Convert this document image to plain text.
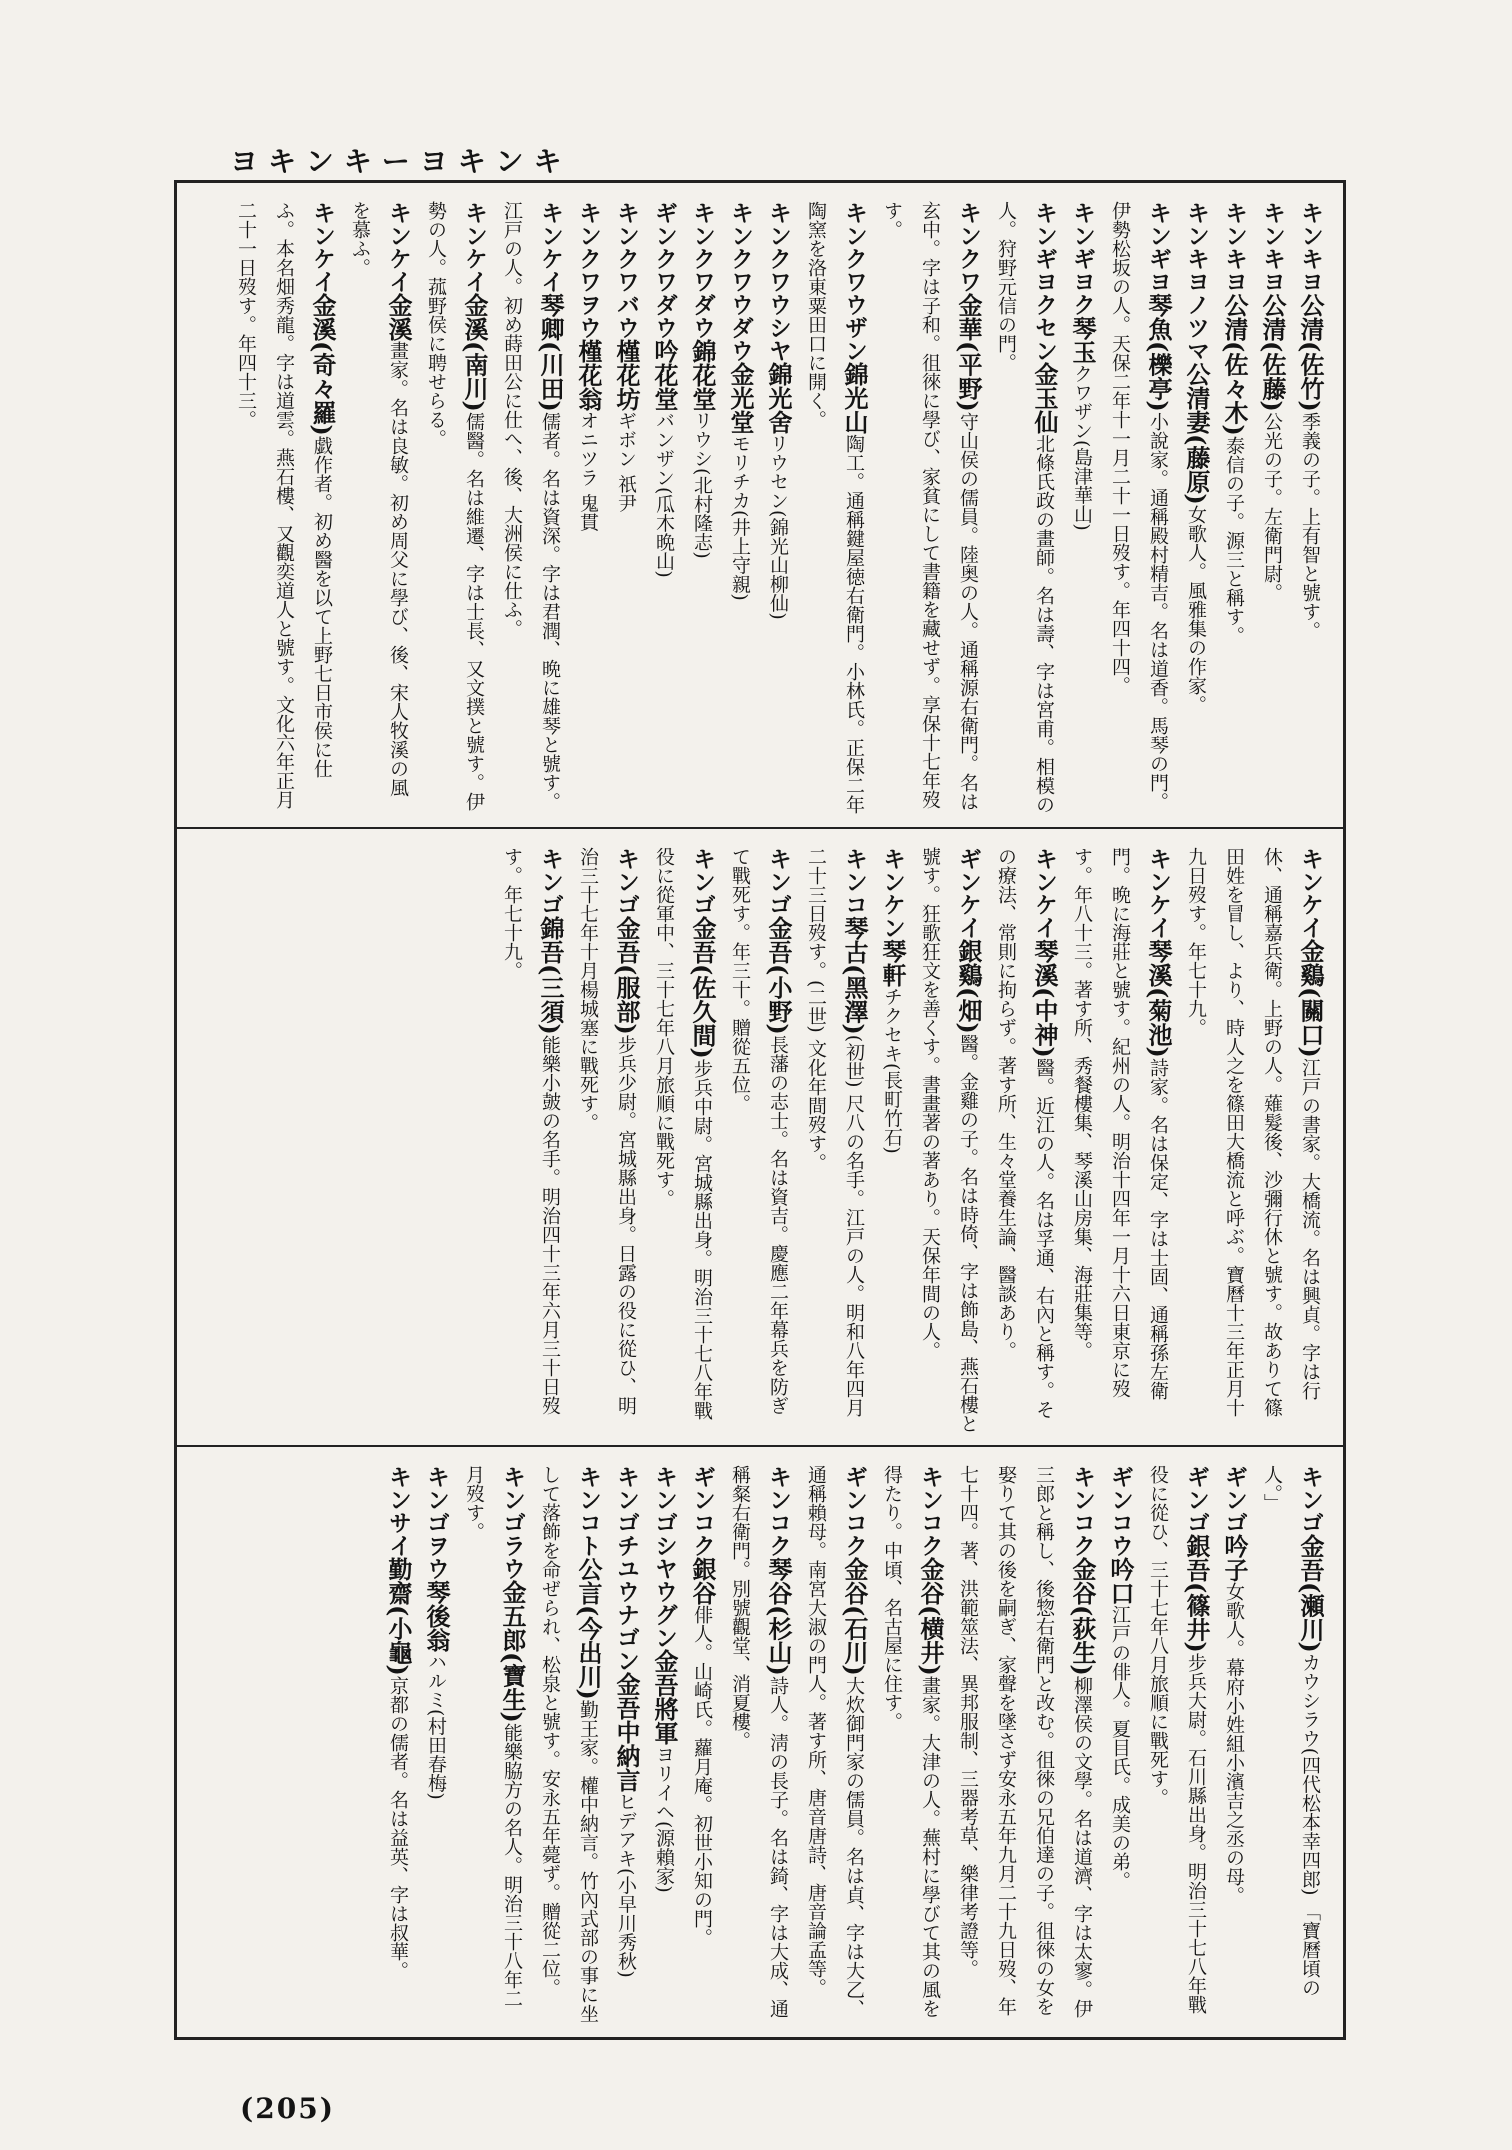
ヨキンキーヨキンキ

キンキヨ公清(佐竹)季義の子。上有智と號す。

キンキヨ公清(佐藤)公光の子。左衛門尉。

キンキヨ公清(佐々木)泰信の子。源三と稱す。

キンキヨノツマ公清妻(藤原)女歌人。風雅集の作家。

キンギヨ琴魚(櫟亭)小說家。通稱殿村精吉。名は道香。馬琴の門。伊勢松坂の人。天保二年十一月二十一日歿す。年四十四。

キンギヨク琴玉クワザン(島津華山)

キンギヨクセン金玉仙北條氏政の畫師。名は壽、字は宮甫。相模の人。狩野元信の門。

キンクワ金華(平野)守山侯の儒員。陸奥の人。通稱源右衛門。名は玄中。字は子和。徂徠に學び、家貧にして書籍を藏せず。享保十七年歿す。

キンクワウザン錦光山陶工。通稱鍵屋徳右衛門。小林氏。正保二年陶窯を洛東粟田口に開く。

キンクワウシヤ錦光舍リウセン(錦光山柳仙)

キンクワウダウ金光堂モリチカ(井上守親)

キンクワダウ錦花堂リウシ(北村隆志)

ギンクワダウ吟花堂バンザン(瓜木晩山)

キンクワバウ槿花坊ギボン 祇尹

キンクワヲウ槿花翁オニツラ 鬼貫

キンケイ琴卿(川田)儒者。名は資深。字は君潤、晩に雄琴と號す。江戸の人。初め蒔田公に仕へ、後、大洲侯に仕ふ。

キンケイ金溪(南川)儒醫。名は維遷、字は士長、又文撲と號す。伊勢の人。菰野侯に聘せらる。

キンケイ金溪畫家。名は良敏。初め周父に學び、後、宋人牧溪の風を慕ふ。

キンケイ金溪(奇々羅)戯作者。初め醫を以て上野七日市侯に仕ふ。本名畑秀龍。字は道雲。燕石樓、又觀奕道人と號す。文化六年正月二十一日歿す。年四十三。

キンケイ金鷄(關口)江戸の書家。大橋流。名は興貞。字は行休、通稱嘉兵衛。上野の人。薙髮後、沙彌行休と號す。故ありて篠田姓を冒し、より、時人之を篠田大橋流と呼ぶ。寶曆十三年正月十九日歿す。年七十九。

キンケイ琴溪(菊池)詩家。名は保定、字は士固、通稱孫左衛門。晩に海莊と號す。紀州の人。明治十四年一月十六日東京に歿す。年八十三。著す所、秀餐樓集、琴溪山房集、海莊集等。

キンケイ琴溪(中神)醫。近江の人。名は孚通、右內と稱す。その療法、常則に拘らず。著す所、生々堂養生論、醫談あり。

ギンケイ銀鷄(畑)醫。金雞の子。名は時倚、字は飾島、燕石樓と號す。狂歌狂文を善くす。書畫著の著あり。天保年間の人。

キンケン琴軒チクセキ(長町竹石)

キンコ琴古(黑澤)(初世) 尺八の名手。江戸の人。明和八年四月二十三日歿す。(二世) 文化年間歿す。

キンゴ金吾(小野)長藩の志士。名は資吉。慶應二年幕兵を防ぎて戰死す。年三十。贈從五位。

キンゴ金吾(佐久間)步兵中尉。宮城縣出身。明治三十七八年戰役に從軍中、三十七年八月旅順に戰死す。

キンゴ金吾(服部)步兵少尉。宮城縣出身。日露の役に從ひ、明治三十七年十月楊城塞に戰死す。

キンゴ錦吾(三須)能樂小皷の名手。明治四十三年六月三十日歿す。年七十九。

キンゴ金吾(瀬川)カウシラウ(四代松本幸四郎) 「寶曆頃の人。」

ギンゴ吟子女歌人。幕府小姓組小濱吉之丞の母。

ギンゴ銀吾(篠井)步兵大尉。石川縣出身。明治三十七八年戰役に從ひ、三十七年八月旅順に戰死す。

ギンコウ吟口江戸の俳人。夏目氏。成美の弟。

キンコク金谷(荻生)柳澤侯の文學。名は道濟、字は太寥。伊三郎と稱し、後惣右衛門と改む。徂徠の兄伯達の子。徂徠の女を娶りて其の後を嗣ぎ、家聲を墜さず安永五年九月二十九日歿、年七十四。著、洪範筮法、異邦服制、三器考草、樂律考證等。

キンコク金谷(横井)畫家。大津の人。蕪村に學びて其の風を得たり。中頃、名古屋に住す。

ギンコク金谷(石川)大炊御門家の儒員。名は貞、字は大乙、通稱賴母。南宮大淑の門人。著す所、唐音唐詩、唐音論孟等。

キンコク琴谷(杉山)詩人。淸の長子。名は錡、字は大成、通稱粲右衛門。別號觀堂、消夏樓。

ギンコク銀谷俳人。山崎氏。蘿月庵。初世小知の門。

キンゴシヤウグン金吾將軍ヨリイヘ(源賴家)

キンゴチユウナゴン金吾中納言ヒデアキ(小早川秀秋)

キンコト公言(今出川)勤王家。權中納言。竹內式部の事に坐して落飾を命ぜられ、松泉と號す。安永五年薨ず。贈從二位。

キンゴラウ金五郎(寶生)能樂脇方の名人。明治三十八年二月歿す。

キンゴヲウ琴後翁ハルミ(村田春梅)

キンサイ勤齋(小龜)京都の儒者。名は益英、字は叔華。

(205)
